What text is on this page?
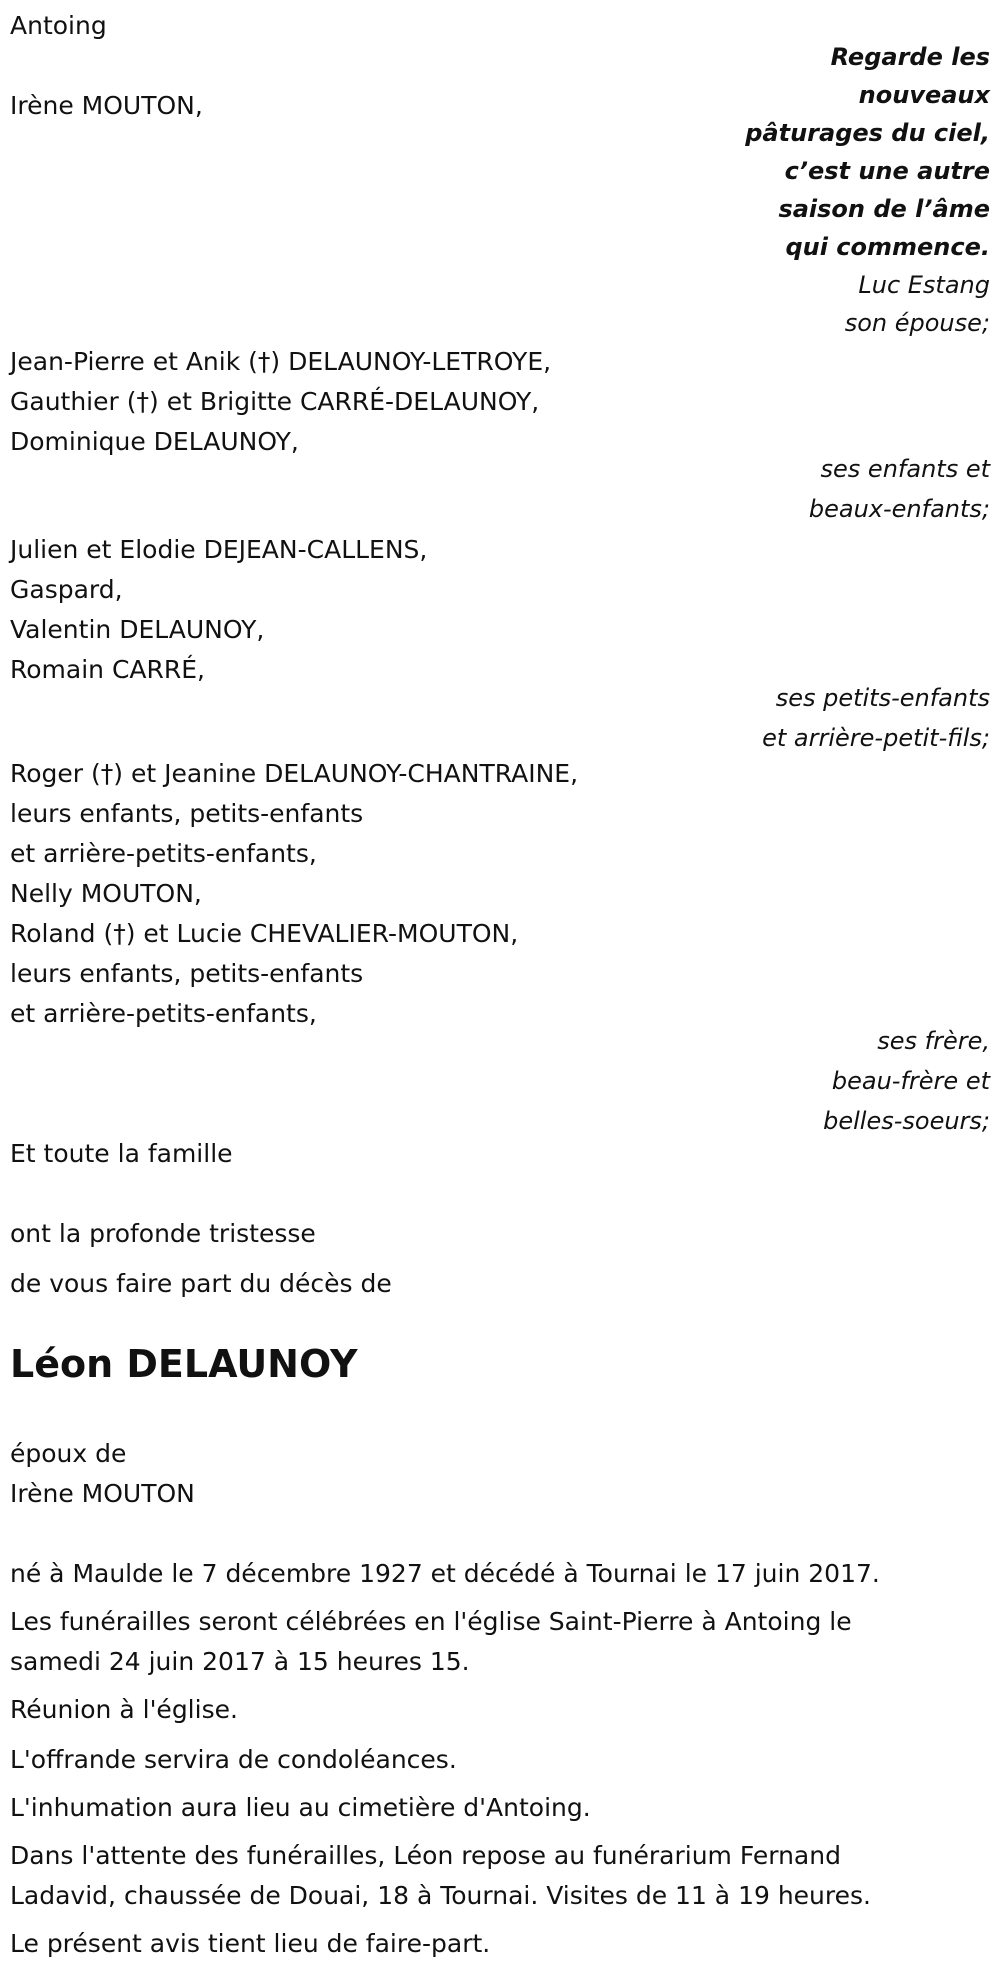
Antoing
Irène MOUTON,
Regarde les
nouveaux
pâturages du ciel,
c’est une autre
saison de l’âme
qui commence.
Luc Estang
son épouse;
Jean-Pierre et Anik (†) DELAUNOY-LETROYE,
Gauthier (†) et Brigitte CARRÉ-DELAUNOY,
Dominique DELAUNOY,
ses enfants et
beaux-enfants;
Julien et Elodie DEJEAN-CALLENS,
Gaspard,
Valentin DELAUNOY,
Romain CARRÉ,
ses petits-enfants
et arrière-petit-fils;
Roger (†) et Jeanine DELAUNOY-CHANTRAINE,
leurs enfants, petits-enfants
et arrière-petits-enfants,
Nelly MOUTON,
Roland (†) et Lucie CHEVALIER-MOUTON,
leurs enfants, petits-enfants
et arrière-petits-enfants,
ses frère,
beau-frère et
belles-soeurs;
Et toute la famille
ont la profonde tristesse
de vous faire part du décès de
Léon DELAUNOY
époux de
Irène MOUTON
né à Maulde le 7 décembre 1927 et décédé à Tournai le 17 juin 2017.
Les funérailles seront célébrées en l'église Saint-Pierre à Antoing le
samedi 24 juin 2017 à 15 heures 15.
Réunion à l'église.
L'offrande servira de condoléances.
L'inhumation aura lieu au cimetière d'Antoing.
Dans l'attente des funérailles, Léon repose au funérarium Fernand
Ladavid, chaussée de Douai, 18 à Tournai. Visites de 11 à 19 heures.
Le présent avis tient lieu de faire-part.
